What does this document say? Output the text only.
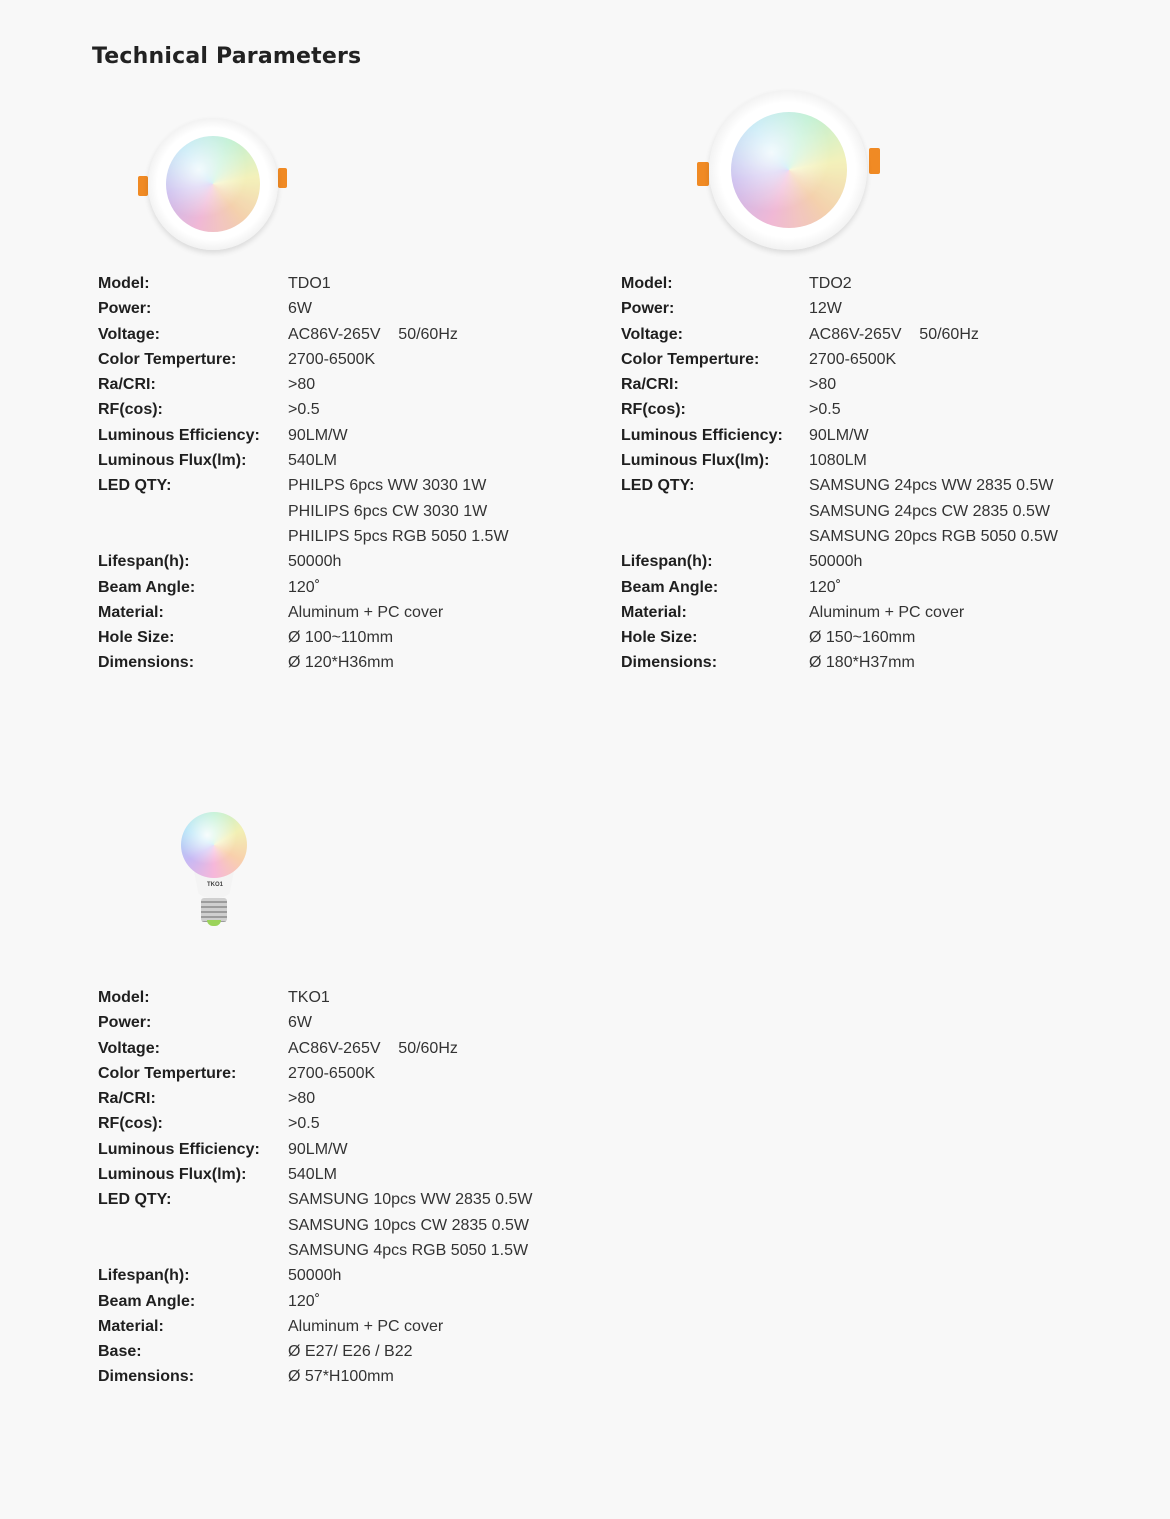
Technical Parameters
TKO1
Model:	TDO1
Power:	6W
Voltage:	AC86V-265V    50/60Hz
Color Temperture:	2700-6500K
Ra/CRI:	>80
RF(cos):	>0.5
Luminous Efficiency:	90LM/W
Luminous Flux(lm):	540LM
LED QTY:	PHILPS 6pcs WW 3030 1W
PHILIPS 6pcs CW 3030 1W
PHILIPS 5pcs RGB 5050 1.5W
Lifespan(h):	50000h
Beam Angle:	120˚
Material:	Aluminum + PC cover
Hole Size:	Ø 100~110mm
Dimensions:	Ø 120*H36mm
Model:	TDO2
Power:	12W
Voltage:	AC86V-265V    50/60Hz
Color Temperture:	2700-6500K
Ra/CRI:	>80
RF(cos):	>0.5
Luminous Efficiency:	90LM/W
Luminous Flux(lm):	1080LM
LED QTY:	SAMSUNG 24pcs WW 2835 0.5W
SAMSUNG 24pcs CW 2835 0.5W
SAMSUNG 20pcs RGB 5050 0.5W
Lifespan(h):	50000h
Beam Angle:	120˚
Material:	Aluminum + PC cover
Hole Size:	Ø 150~160mm
Dimensions:	Ø 180*H37mm
Model:	TKO1
Power:	6W
Voltage:	AC86V-265V    50/60Hz
Color Temperture:	2700-6500K
Ra/CRI:	>80
RF(cos):	>0.5
Luminous Efficiency:	90LM/W
Luminous Flux(lm):	540LM
LED QTY:	SAMSUNG 10pcs WW 2835 0.5W
SAMSUNG 10pcs CW 2835 0.5W
SAMSUNG 4pcs RGB 5050 1.5W
Lifespan(h):	50000h
Beam Angle:	120˚
Material:	Aluminum + PC cover
Base:	Ø E27/ E26 / B22
Dimensions:	Ø 57*H100mm
